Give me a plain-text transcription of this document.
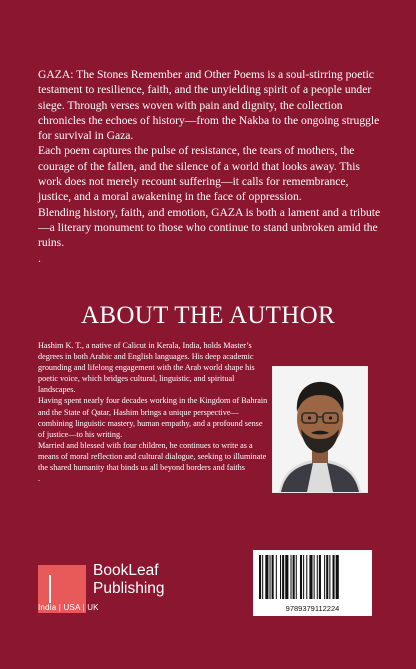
GAZA: The Stones Remember and Other Poems is a soul-stirring poetic testament to resilience, faith, and the unyielding spirit of a people under siege. Through verses woven with pain and dignity, the collection chronicles the echoes of history—from the Nakba to the ongoing struggle for survival in Gaza.

Each poem captures the pulse of resistance, the tears of mothers, the courage of the fallen, and the silence of a world that looks away. This work does not merely recount suffering—it calls for remembrance, justice, and a moral awakening in the face of oppression.

Blending history, faith, and emotion, GAZA is both a lament and a tribute—a literary monument to those who continue to stand unbroken amid the ruins.

.

ABOUT THE AUTHOR

Hashim K. T., a native of Calicut in Kerala, India, holds Master’s degrees in both Arabic and English languages. His deep academic grounding and lifelong engagement with the Arab world shape his poetic voice, which bridges cultural, linguistic, and spiritual landscapes.

Having spent nearly four decades working in the Kingdom of Bahrain and the State of Qatar, Hashim brings a unique perspective—combining linguistic mastery, human empathy, and a profound sense of justice—to his writing.

Married and blessed with four children, he continues to write as a means of moral reflection and cultural dialogue, seeking to illuminate the shared humanity that binds us all beyond borders and faiths

.

BookLeaf
Publishing
India | USA | UK	9789379112224
